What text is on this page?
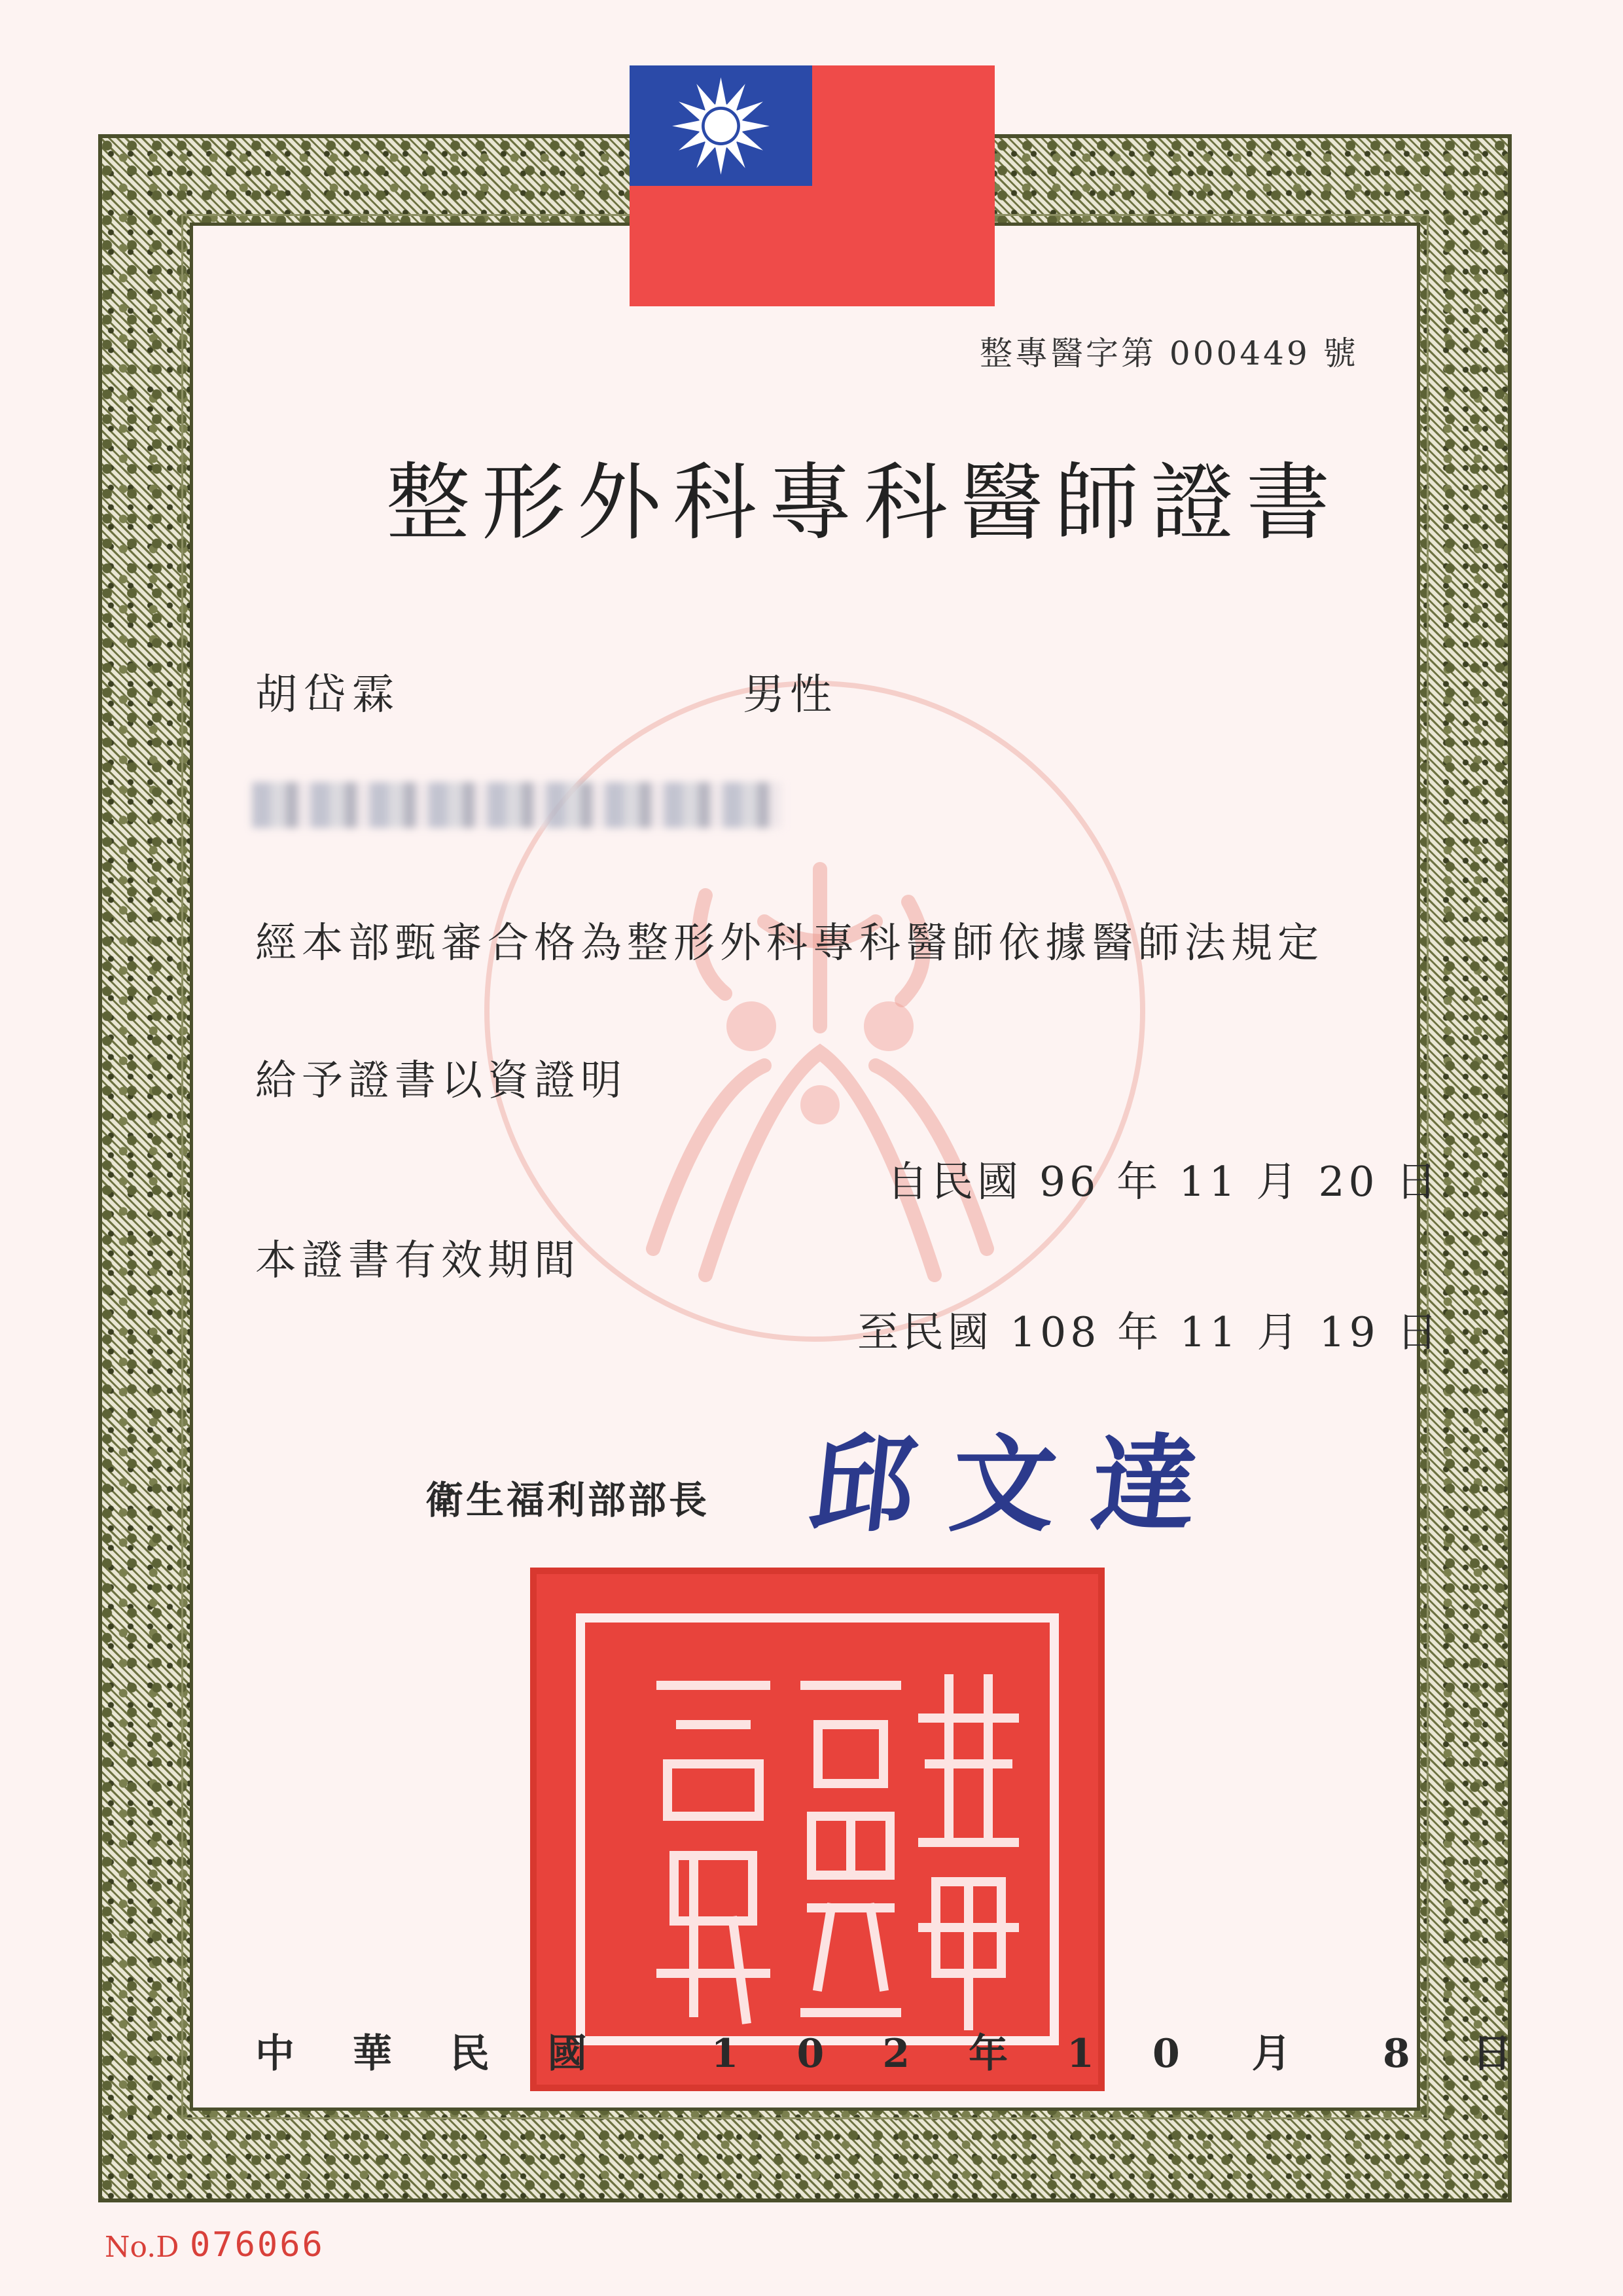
整專醫字第 000449 號
整形外科專科醫師證書
胡岱霖	男性
經本部甄審合格為整形外科專科醫師依據醫師法規定
給予證書以資證明
自民國 96 年 11 月 20 日
本證書有效期間
至民國 108 年 11 月 19 日
衛生福利部部長 邱文達
中 華 民 國	1 0 2 年 1 0 月 8 日
No.D 076066
